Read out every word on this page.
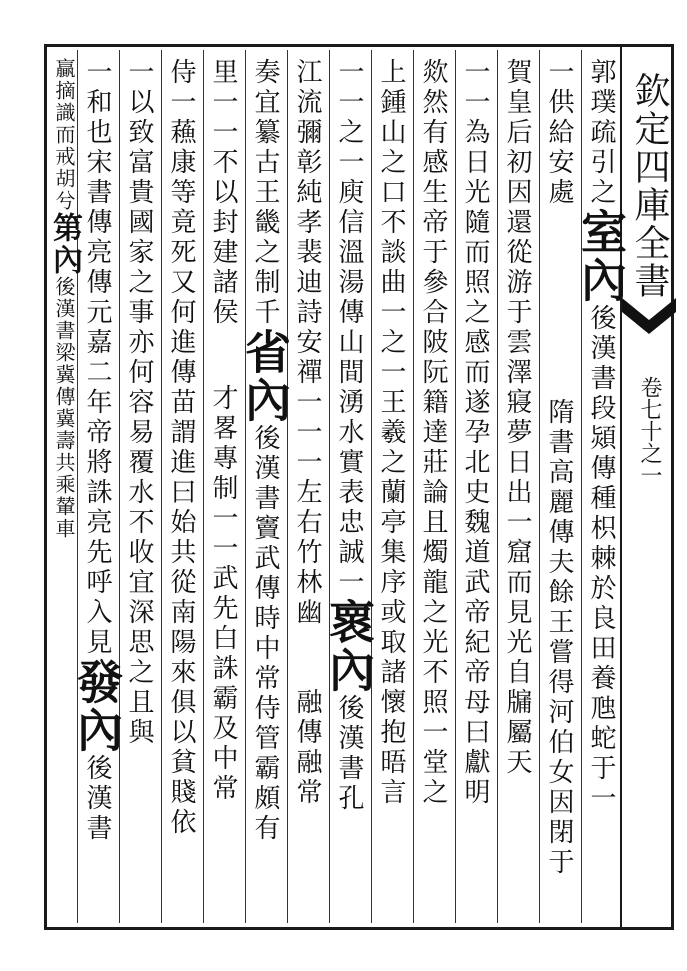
欽定四庫全書
卷七十之一
郭璞疏引之室內後漢書段熲傳種枳棘於良田養虺蛇于一
一供給安處隋書高麗傳夫餘王嘗得河伯女因閉于
賀皇后初因還從游于雲澤寢夢日出一窟而見光自牖屬天
一一為日光隨而照之感而遂孕北史魏道武帝紀帝母曰獻明
欻然有感生帝于參合陂阮籍達莊論且燭龍之光不照一堂之
上鍾山之口不談曲一之一王羲之蘭亭集序或取諸懷抱晤言
一一之一庾信溫湯傳山間湧水實表忠誠一褱內後漢書孔
江流彌彰純孝裴迪詩安禪一一一左右竹林幽融傳融常
奏宜纂古王畿之制千省內後漢書竇武傳時中常侍管霸頗有
里一一不以封建諸侯才畧專制一一武先白誅霸及中常
侍一蘓康等竟死又何進傳苗謂進曰始共從南陽來俱以貧賤依
一以致富貴國家之事亦何容易覆水不收宜深思之且與
一和也宋書傳亮傳元嘉二年帝將誅亮先呼入見發內後漢書
贏摘識而戒胡兮第內後漢書梁冀傳冀壽共乘輦車
